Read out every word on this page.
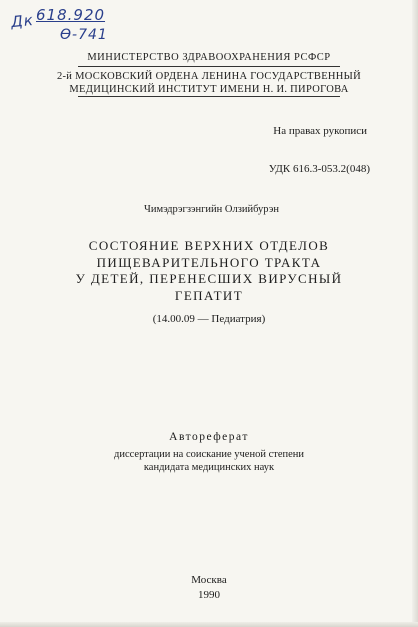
Дк 618.920
Ө-741
МИНИСТЕРСТВО ЗДРАВООХРАНЕНИЯ РСФСР
2-й МОСКОВСКИЙ ОРДЕНА ЛЕНИНА ГОСУДАРСТВЕННЫЙ
МЕДИЦИНСКИЙ ИНСТИТУТ ИМЕНИ Н. И. ПИРОГОВА
На правах рукописи
УДК 616.3-053.2(048)
Чимэдрэгзэнгийн Олзийбурэн
СОСТОЯНИЕ ВЕРХНИХ ОТДЕЛОВ
ПИЩЕВАРИТЕЛЬНОГО ТРАКТА
У ДЕТЕЙ, ПЕРЕНЕСШИХ ВИРУСНЫЙ
ГЕПАТИТ
(14.00.09 — Педиатрия)
Автореферат
диссертации на соискание ученой степени
кандидата медицинских наук
Москва
1990
